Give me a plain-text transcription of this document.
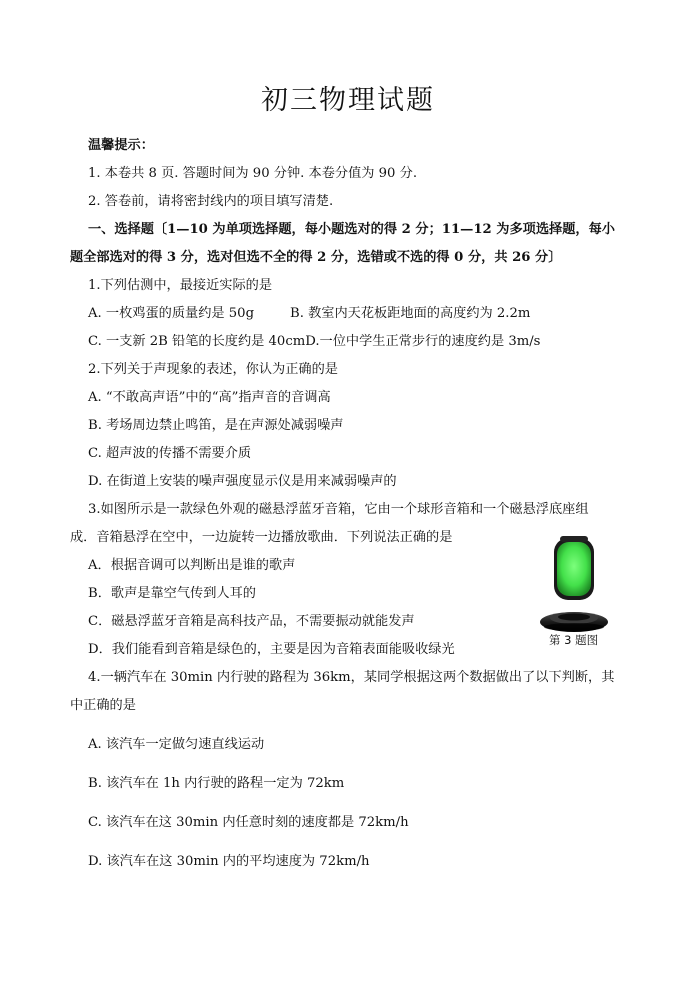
初三物理试题
温馨提示：
1. 本卷共 8 页. 答题时间为 90 分钟. 本卷分值为 90 分.
2. 答卷前，请将密封线内的项目填写清楚.
一、选择题〔1—10 为单项选择题，每小题选对的得 2 分；11—12 为多项选择题，每小
题全部选对的得 3 分，选对但选不全的得 2 分，选错或不选的得 0 分，共 26 分〕
1.下列估测中，最接近实际的是
A. 一枚鸡蛋的质量约是 50g	B. 教室内天花板距地面的高度约为 2.2m
C. 一支新 2B 铅笔的长度约是 40cmD.一位中学生正常步行的速度约是 3m/s
2.下列关于声现象的表述，你认为正确的是
A. “不敢高声语”中的“高”指声音的音调高
B. 考场周边禁止鸣笛，是在声源处减弱噪声
C. 超声波的传播不需要介质
D. 在街道上安装的噪声强度显示仪是用来减弱噪声的
3.如图所示是一款绿色外观的磁悬浮蓝牙音箱，它由一个球形音箱和一个磁悬浮底座组
成．音箱悬浮在空中，一边旋转一边播放歌曲．下列说法正确的是
A．根据音调可以判断出是谁的歌声
B．歌声是靠空气传到人耳的
C．磁悬浮蓝牙音箱是高科技产品，不需要振动就能发声
D．我们能看到音箱是绿色的，主要是因为音箱表面能吸收绿光
第 3 题图
4.一辆汽车在 30min 内行驶的路程为 36km，某同学根据这两个数据做出了以下判断，其
中正确的是
A. 该汽车一定做匀速直线运动
B. 该汽车在 1h 内行驶的路程一定为 72km
C. 该汽车在这 30min 内任意时刻的速度都是 72km/h
D. 该汽车在这 30min 内的平均速度为 72km/h
